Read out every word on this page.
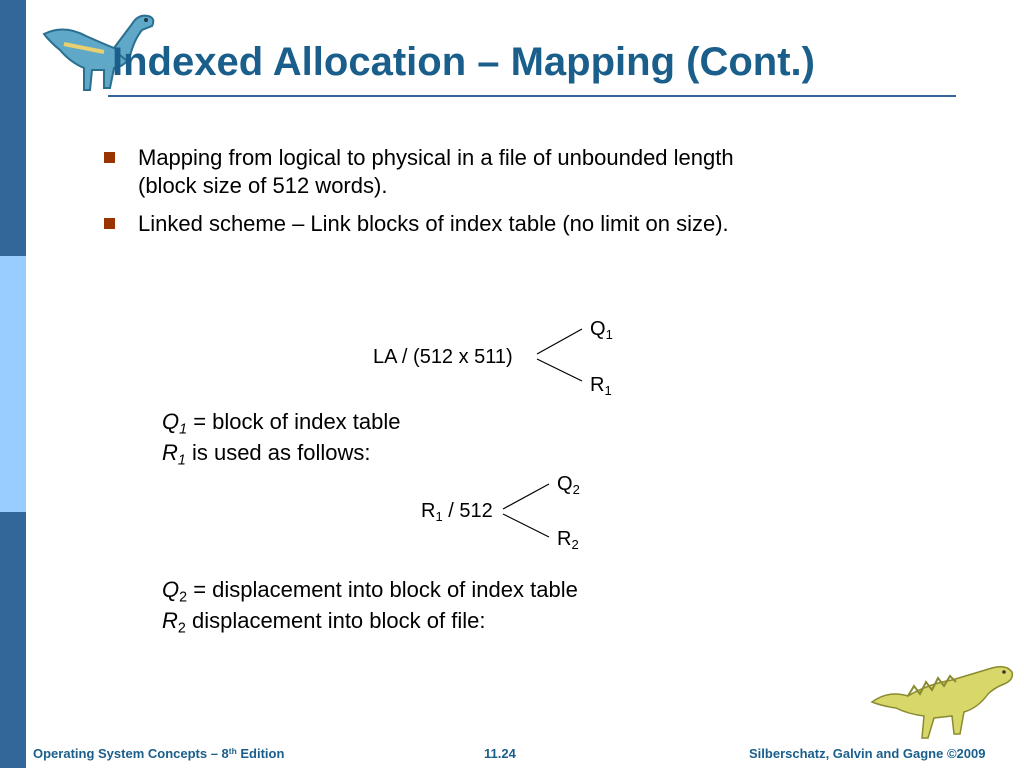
Indexed Allocation – Mapping (Cont.)
Mapping from logical to physical in a file of unbounded length
(block size of 512 words).
Linked scheme – Link blocks of index table (no limit on size).
LA / (512 x 511)
$Q_1$
$R_1$
$Q_1$ = block of index table
$R_1$ is used as follows:
$R_1 / 512$
$Q_2$
$R_2$
$Q_2$ = displacement into block of index table
$R_2$ displacement into block of file:
Operating System Concepts – 8th Edition	11.24	Silberschatz, Galvin and Gagne ©2009
